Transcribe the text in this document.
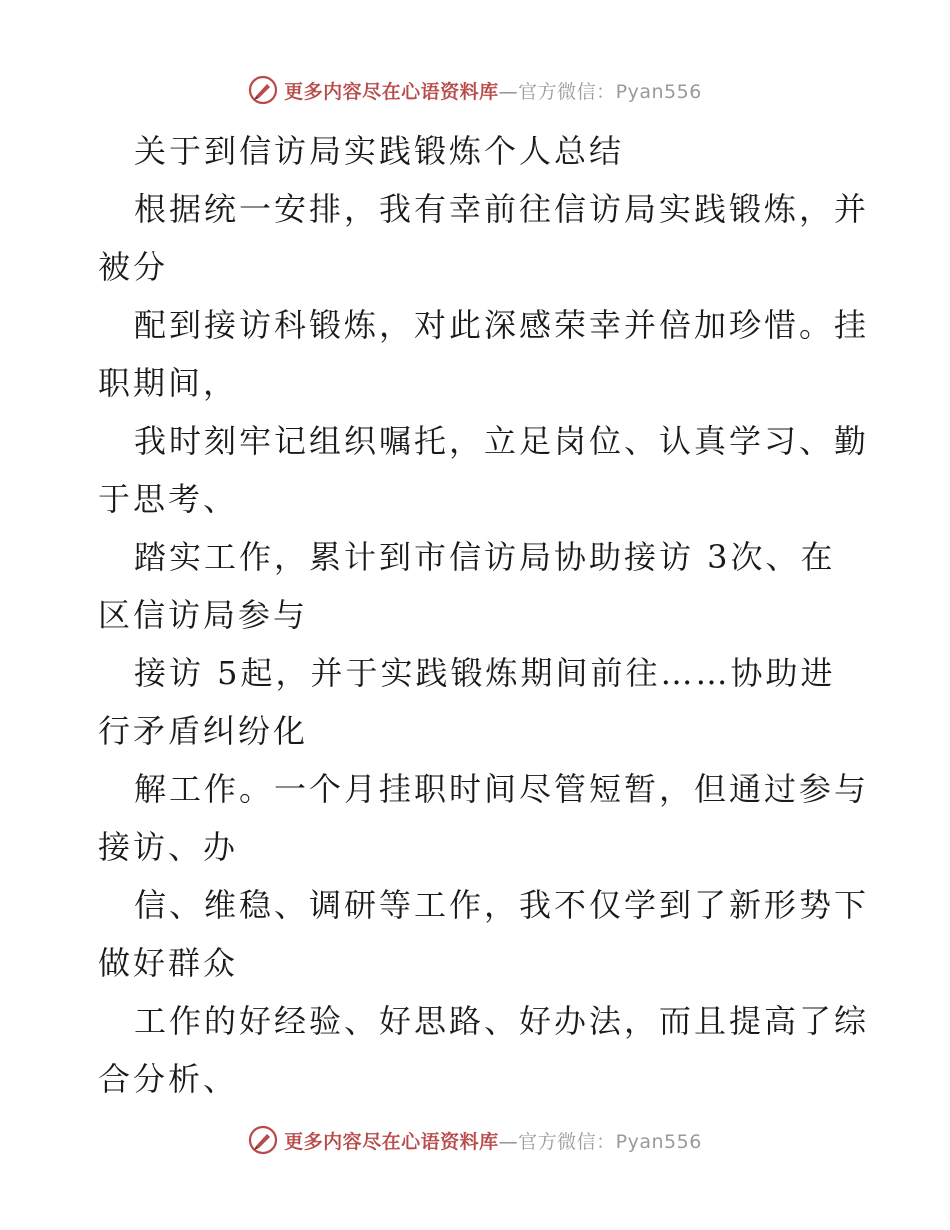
更多内容尽在心语资料库—官方微信：Pyan556
关于到信访局实践锻炼个人总结
根据统一安排，我有幸前往信访局实践锻炼，并
被分
配到接访科锻炼，对此深感荣幸并倍加珍惜。挂
职期间，
我时刻牢记组织嘱托，立足岗位、认真学习、勤
于思考、
踏实工作，累计到市信访局协助接访 3次、在
区信访局参与
接访 5起，并于实践锻炼期间前往……协助进
行矛盾纠纷化
解工作。一个月挂职时间尽管短暂，但通过参与
接访、办
信、维稳、调研等工作，我不仅学到了新形势下
做好群众
工作的好经验、好思路、好办法，而且提高了综
合分析、
更多内容尽在心语资料库—官方微信：Pyan556
